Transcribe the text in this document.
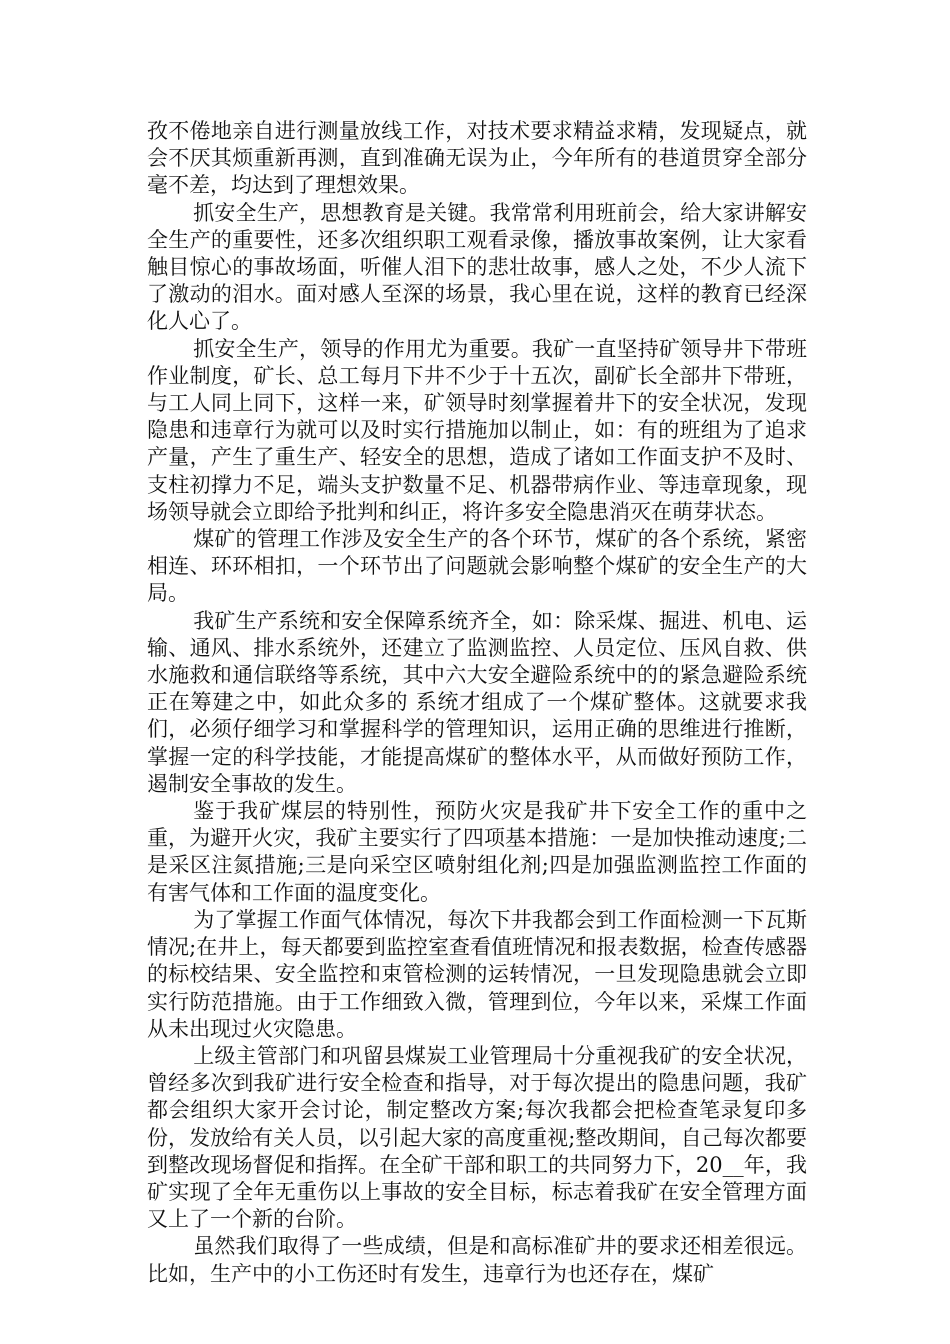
孜不倦地亲自进行测量放线工作，对技术要求精益求精，发现疑点，就会不厌其烦重新再测，直到准确无误为止，今年所有的巷道贯穿全部分毫不差，均达到了理想效果。

抓安全生产，思想教育是关键。我常常利用班前会，给大家讲解安全生产的重要性，还多次组织职工观看录像，播放事故案例，让大家看触目惊心的事故场面，听催人泪下的悲壮故事，感人之处，不少人流下了激动的泪水。面对感人至深的场景，我心里在说，这样的教育已经深化人心了。

抓安全生产，领导的作用尤为重要。我矿一直坚持矿领导井下带班作业制度，矿长、总工每月下井不少于十五次，副矿长全部井下带班，与工人同上同下，这样一来，矿领导时刻掌握着井下的安全状况，发现隐患和违章行为就可以及时实行措施加以制止，如：有的班组为了追求产量，产生了重生产、轻安全的思想，造成了诸如工作面支护不及时、支柱初撑力不足，端头支护数量不足、机器带病作业、等违章现象，现场领导就会立即给予批判和纠正，将许多安全隐患消灭在萌芽状态。

煤矿的管理工作涉及安全生产的各个环节，煤矿的各个系统，紧密相连、环环相扣，一个环节出了问题就会影响整个煤矿的安全生产的大局。

我矿生产系统和安全保障系统齐全，如：除采煤、掘进、机电、运输、通风、排水系统外，还建立了监测监控、人员定位、压风自救、供水施救和通信联络等系统，其中六大安全避险系统中的的紧急避险系统正在筹建之中，如此众多的 系统才组成了一个煤矿整体。这就要求我们，必须仔细学习和掌握科学的管理知识，运用正确的思维进行推断，掌握一定的科学技能，才能提高煤矿的整体水平，从而做好预防工作，遏制安全事故的发生。

鉴于我矿煤层的特别性，预防火灾是我矿井下安全工作的重中之重，为避开火灾，我矿主要实行了四项基本措施：一是加快推动速度;二是采区注氮措施;三是向采空区喷射组化剂;四是加强监测监控工作面的有害气体和工作面的温度变化。

为了掌握工作面气体情况，每次下井我都会到工作面检测一下瓦斯情况;在井上，每天都要到监控室查看值班情况和报表数据，检查传感器的标校结果、安全监控和束管检测的运转情况，一旦发现隐患就会立即实行防范措施。由于工作细致入微，管理到位，今年以来，采煤工作面从未出现过火灾隐患。

上级主管部门和巩留县煤炭工业管理局十分重视我矿的安全状况，曾经多次到我矿进行安全检查和指导，对于每次提出的隐患问题，我矿都会组织大家开会讨论，制定整改方案;每次我都会把检查笔录复印多份，发放给有关人员，以引起大家的高度重视;整改期间，自己每次都要到整改现场督促和指挥。在全矿干部和职工的共同努力下，20__年，我矿实现了全年无重伤以上事故的安全目标，标志着我矿在安全管理方面又上了一个新的台阶。

虽然我们取得了一些成绩，但是和高标准矿井的要求还相差很远。比如，生产中的小工伤还时有发生，违章行为也还存在，煤矿
